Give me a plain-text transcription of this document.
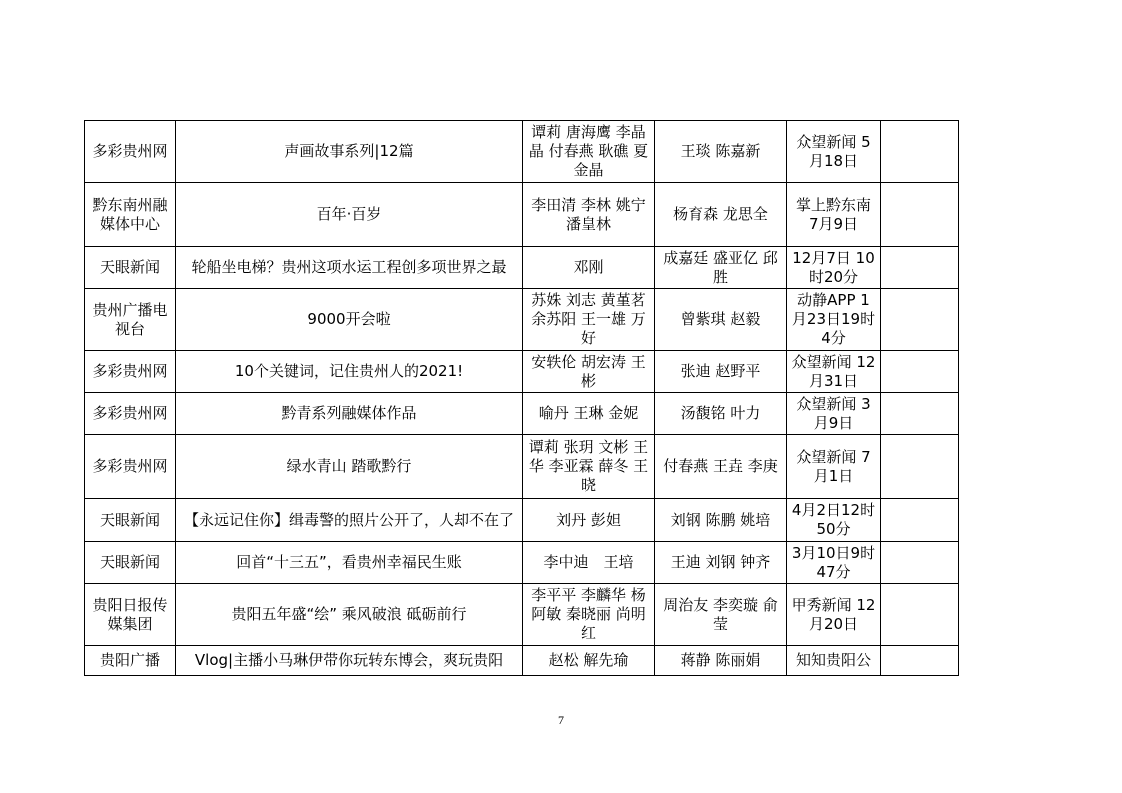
多彩贵州网	声画故事系列|12篇	谭莉 唐海鹰 李晶晶 付春燕 耿礁 夏金晶	王琰 陈嘉新	众望新闻 5月18日	
黔东南州融媒体中心	百年·百岁	李田清 李林 姚宁 潘皇林	杨育森 龙思全	掌上黔东南 7月9日	
天眼新闻	轮船坐电梯？贵州这项水运工程创多项世界之最	邓刚	成嘉廷 盛亚亿 邱胜	12月7日 10时20分	
贵州广播电视台	9000开会啦	苏姝 刘志 黄堇茗 余苏阳 王一雄 万好	曾紫琪 赵毅	动静APP 1月23日19时4分	
多彩贵州网	10个关键词，记住贵州人的2021!	安轶伦 胡宏涛 王彬	张迪 赵野平	众望新闻 12月31日	
多彩贵州网	黔青系列融媒体作品	喻丹 王琳 金妮	汤馥铭 叶力	众望新闻 3月9日	
多彩贵州网	绿水青山 踏歌黔行	谭莉 张玥 文彬 王华 李亚霖 薛冬 王晓	付春燕 王垚 李庚	众望新闻 7月1日	
天眼新闻	【永远记住你】缉毒警的照片公开了，人却不在了	刘丹 彭妲	刘钢 陈鹏 姚培	4月2日12时50分	
天眼新闻	回首“十三五”，看贵州幸福民生账	李中迪　王培	王迪 刘钢 钟齐	3月10日9时47分	
贵阳日报传媒集团	贵阳五年盛“绘” 乘风破浪 砥砺前行	李平平 李麟华 杨阿敏 秦晓丽 尚明红	周治友 李奕璇 俞莹	甲秀新闻 12月20日	
贵阳广播	Vlog|主播小马琳伊带你玩转东博会，爽玩贵阳	赵松 解先瑜	蒋静 陈丽娟	知知贵阳公	
7
